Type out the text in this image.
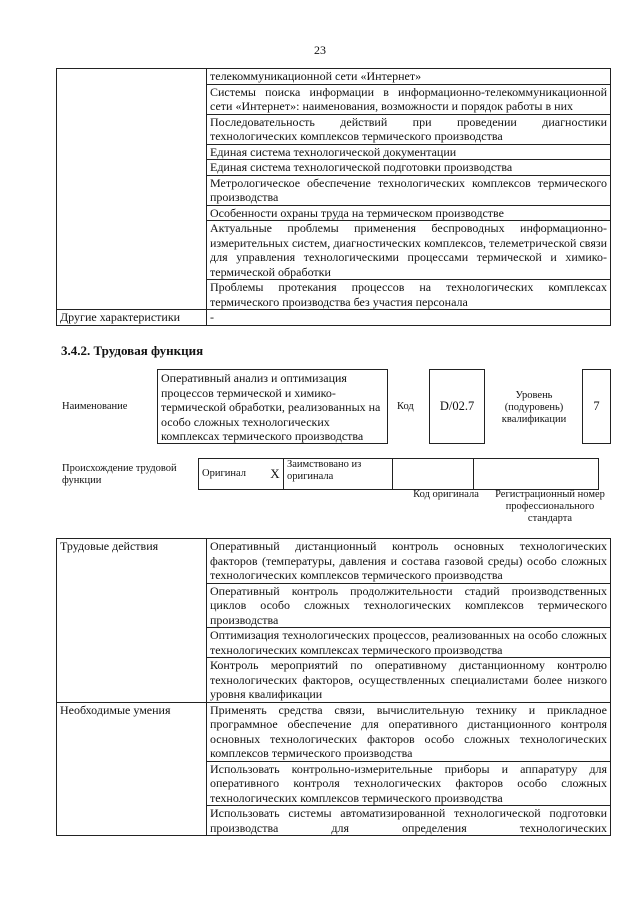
23
	телекоммуникационной сети «Интернет»
	Системы поиска информации в информационно-телекоммуникационной сети «Интернет»: наименования, возможности и порядок работы в них
	Последовательность действий при проведении диагностики технологических комплексов термического производства
	Единая система технологической документации
	Единая система технологической подготовки производства
	Метрологическое обеспечение технологических комплексов термического производства
	Особенности охраны труда на термическом производстве
	Актуальные проблемы применения беспроводных информационно-измерительных систем, диагностических комплексов, телеметрической связи для управления технологическими процессами термической и химико-термической обработки
	Проблемы протекания процессов на технологических комплексах термического производства без участия персонала
Другие характеристики	-
3.4.2. Трудовая функция
Наименование
Оперативный анализ и оптимизация процессов термической и химико-термической обработки, реализованных на особо сложных технологических комплексах термического производства
Код	D/02.7
Уровень (подуровень) квалификации
7
Происхождение трудовой функции
Оригинал	X	Заимствовано из оригинала		
Код оригинала	Регистрационный номер профессионального стандарта
Трудовые действия	Оперативный дистанционный контроль основных технологических факторов (температуры, давления и состава газовой среды) особо сложных технологических комплексов термического производства
	Оперативный контроль продолжительности стадий производственных циклов особо сложных технологических комплексов термического производства
	Оптимизация технологических процессов, реализованных на особо сложных технологических комплексах термического производства
	Контроль мероприятий по оперативному дистанционному контролю технологических факторов, осуществленных специалистами более низкого уровня квалификации
Необходимые умения	Применять средства связи, вычислительную технику и прикладное программное обеспечение для оперативного дистанционного контроля основных технологических факторов особо сложных технологических комплексов термического производства
	Использовать контрольно-измерительные приборы и аппаратуру для оперативного контроля технологических факторов особо сложных технологических комплексов термического производства
	Использовать системы автоматизированной технологической подготовки производства для определения технологических
